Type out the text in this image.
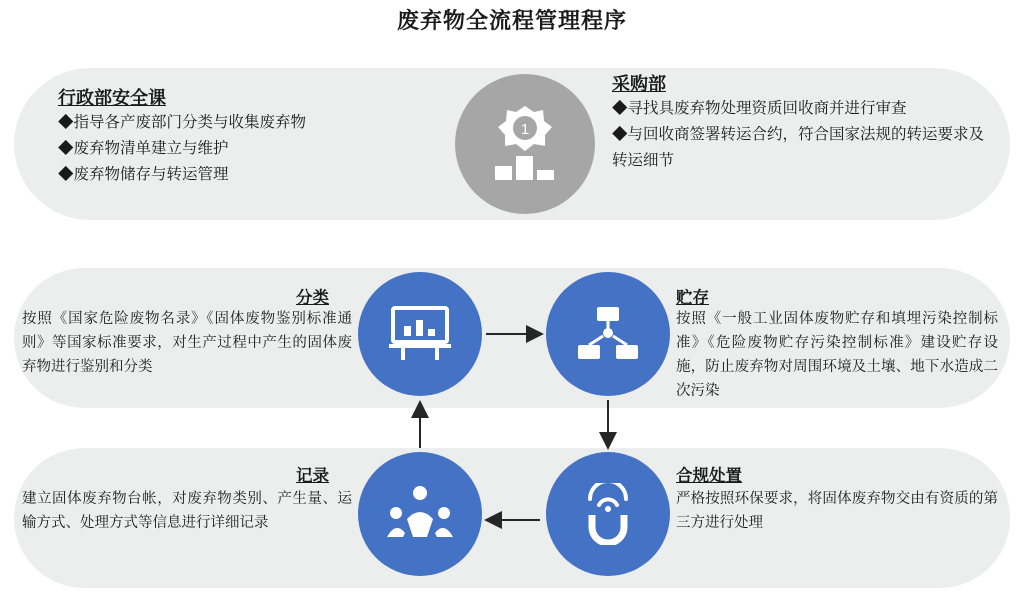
废弃物全流程管理程序
行政部安全课
◆指导各产废部门分类与收集废弃物
◆废弃物清单建立与维护
◆废弃物储存与转运管理
1
采购部
◆寻找具废弃物处理资质回收商并进行审查
◆与回收商签署转运合约，符合国家法规的转运要求及转运细节
分类
按照《国家危险废物名录》《固体废物鉴别标准通则》等国家标准要求，对生产过程中产生的固体废弃物进行鉴别和分类
贮存
按照《一般工业固体废物贮存和填埋污染控制标准》《危险废物贮存污染控制标准》建设贮存设施，防止废弃物对周围环境及土壤、地下水造成二次污染
合规处置
严格按照环保要求，将固体废弃物交由有资质的第三方进行处理
记录
建立固体废弃物台帐，对废弃物类别、产生量、运输方式、处理方式等信息进行详细记录
